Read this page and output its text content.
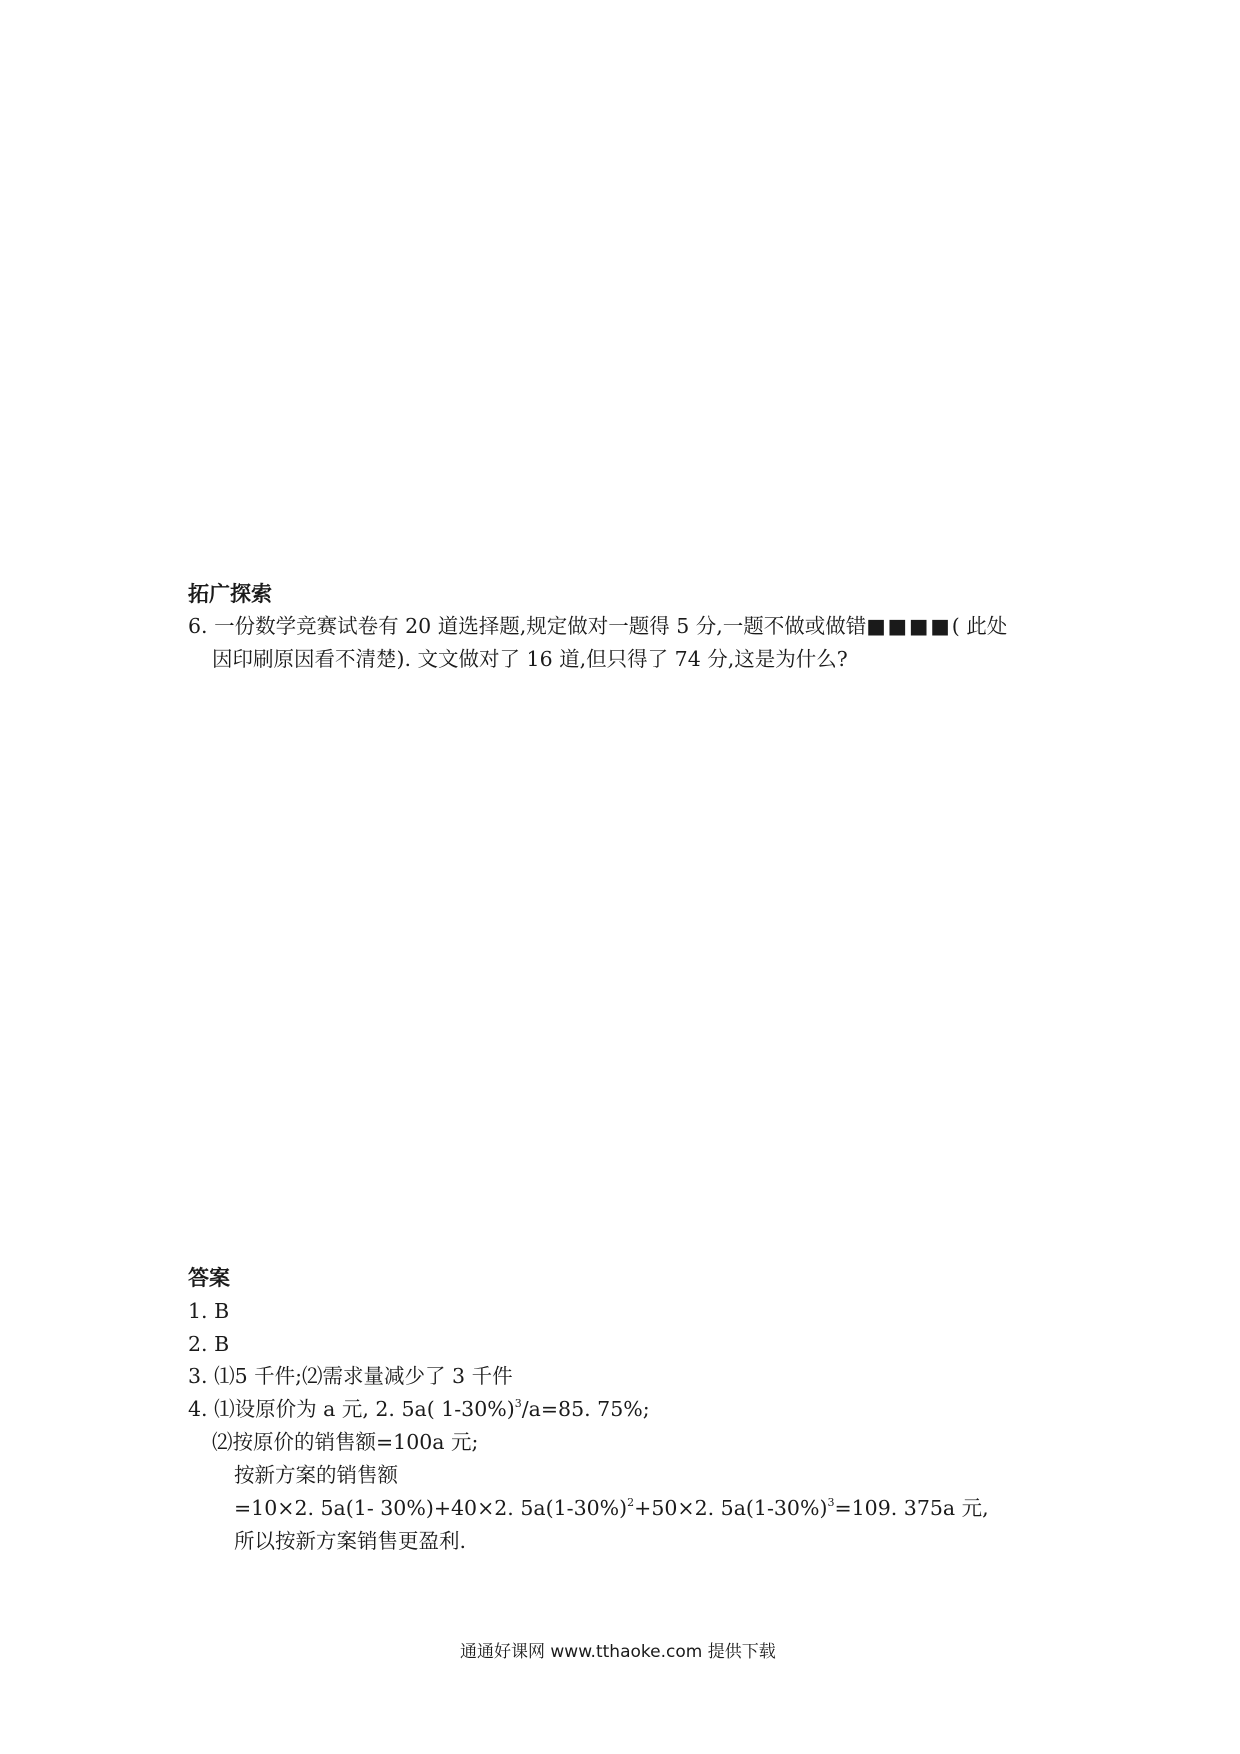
拓广探索
6. 一份数学竞赛试卷有 20 道选择题,规定做对一题得 5 分,一题不做或做错■■■■( 此处
因印刷原因看不清楚). 文文做对了 16 道,但只得了 74 分,这是为什么?
答案
1. B
2. B
3. ⑴5 千件;⑵需求量减少了 3 千件
4. ⑴设原价为 a 元, 2. 5a( 1-30%)$^3$/a=85. 75%;
⑵按原价的销售额=100a 元;
按新方案的销售额
=10×2. 5a(1- 30%)+40×2. $5a(1-30\%)^2+50\times 2$. $5a(1-30\%)^3=109$. 375a 元,
所以按新方案销售更盈利.
通通好课网 www.tthaoke.com 提供下载
